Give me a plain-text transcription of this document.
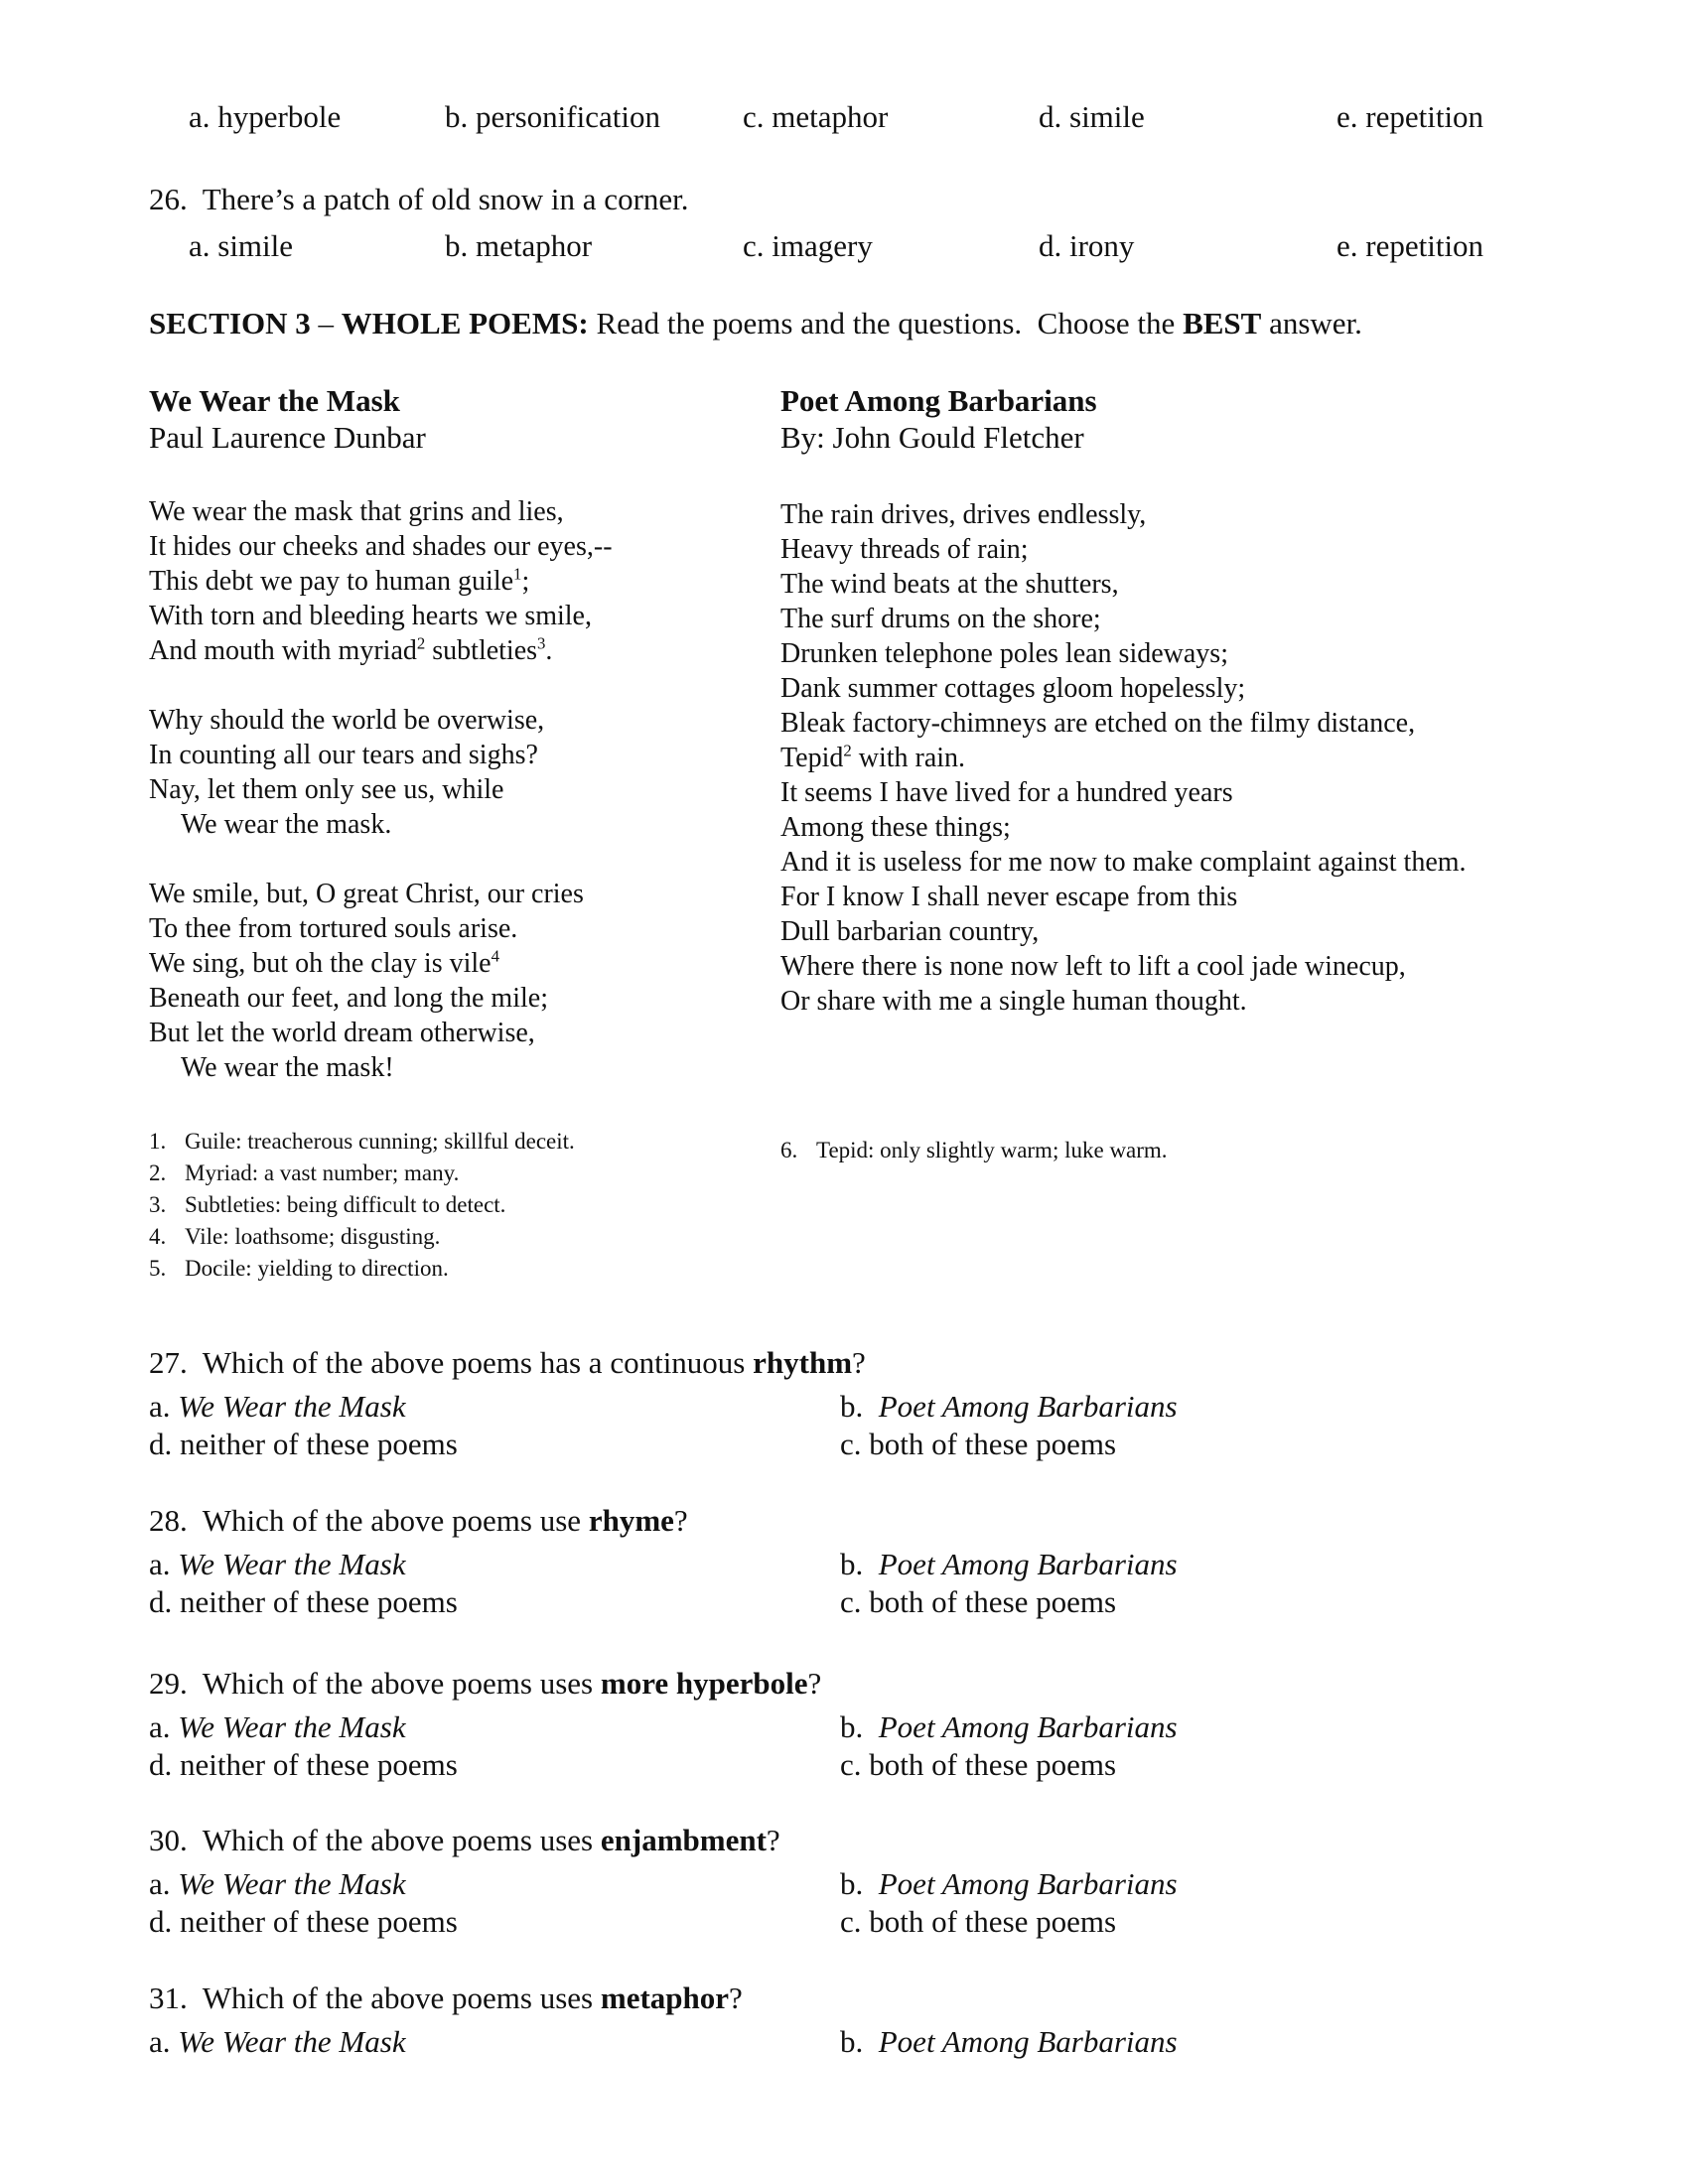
a. hyperbole	b. personification	c. metaphor	d. simile	e. repetition
26. There’s a patch of old snow in a corner.
a. simile	b. metaphor	c. imagery	d. irony	e. repetition
SECTION 3 – WHOLE POEMS: Read the poems and the questions.  Choose the BEST answer.
We Wear the Mask
Paul Laurence Dunbar
We wear the mask that grins and lies,
It hides our cheeks and shades our eyes,--
This debt we pay to human guile$^1$;
With torn and bleeding hearts we smile,
And mouth with myriad$^2$ subtleties$^3$.
Why should the world be overwise,
In counting all our tears and sighs?
Nay, let them only see us, while
We wear the mask.
We smile, but, O great Christ, our cries
To thee from tortured souls arise.
We sing, but oh the clay is vile$^4$
Beneath our feet, and long the mile;
But let the world dream otherwise,
We wear the mask!
1. Guile: treacherous cunning; skillful deceit.
2. Myriad: a vast number; many.
3. Subtleties: being difficult to detect.
4. Vile: loathsome; disgusting.
5. Docile: yielding to direction.
Poet Among Barbarians
By: John Gould Fletcher
The rain drives, drives endlessly,
Heavy threads of rain;
The wind beats at the shutters,
The surf drums on the shore;
Drunken telephone poles lean sideways;
Dank summer cottages gloom hopelessly;
Bleak factory-chimneys are etched on the filmy distance,
Tepid$^2$ with rain.
It seems I have lived for a hundred years
Among these things;
And it is useless for me now to make complaint against them.
For I know I shall never escape from this
Dull barbarian country,
Where there is none now left to lift a cool jade winecup,
Or share with me a single human thought.
6. Tepid: only slightly warm; luke warm.
27.  Which of the above poems has a continuous rhythm?
a. We Wear the Mask	b.  Poet Among Barbarians
d. neither of these poems	c. both of these poems
28.  Which of the above poems use rhyme?
a. We Wear the Mask	b.  Poet Among Barbarians
d. neither of these poems	c. both of these poems
29.  Which of the above poems uses more hyperbole?
a. We Wear the Mask	b.  Poet Among Barbarians
d. neither of these poems	c. both of these poems
30.  Which of the above poems uses enjambment?
a. We Wear the Mask	b.  Poet Among Barbarians
d. neither of these poems	c. both of these poems
31.  Which of the above poems uses metaphor?
a. We Wear the Mask	b.  Poet Among Barbarians
